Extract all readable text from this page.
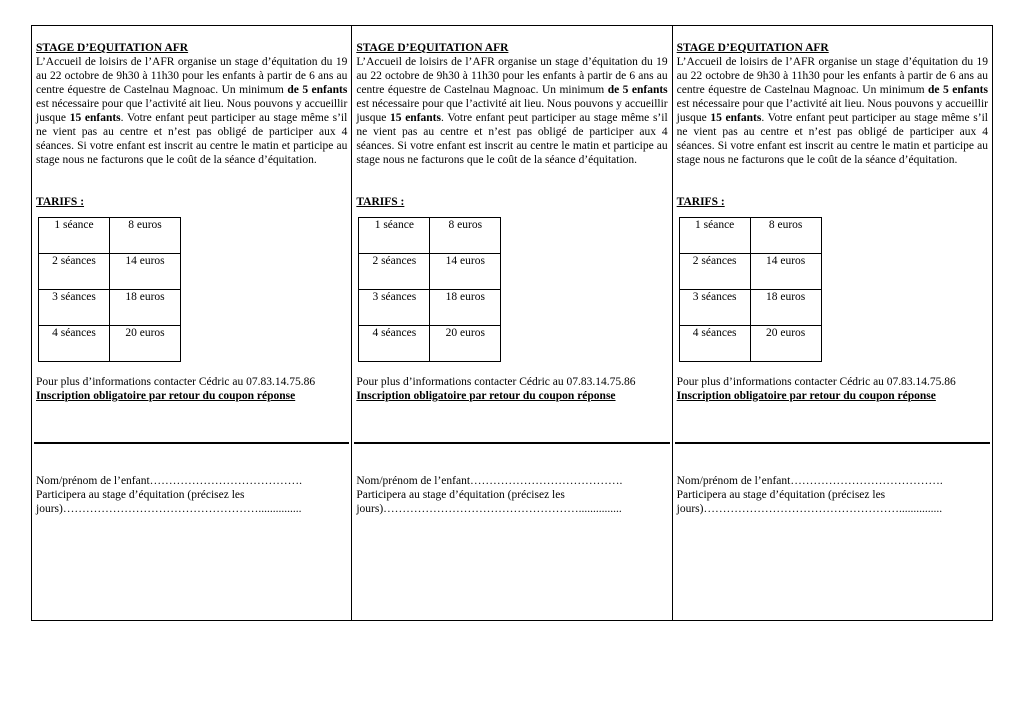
STAGE D’EQUITATION AFR

L’Accueil de loisirs de l’AFR organise un stage d’équitation du 19 au 22 octobre de 9h30 à 11h30 pour les enfants à partir de 6 ans au centre équestre de Castelnau Magnoac. Un minimum de 5 enfants est nécessaire pour que l’activité ait lieu. Nous pouvons y accueillir jusque 15 enfants. Votre enfant peut participer au stage même s’il ne vient pas au centre et n’est pas obligé de participer aux 4 séances. Si votre enfant est inscrit au centre le matin et participe au stage nous ne facturons que le coût de la séance d’équitation.

TARIFS :
1 séance	8 euros
2 séances	14 euros
3 séances	18 euros
4 séances	20 euros
Pour plus d’informations contacter Cédric au 07.83.14.75.86
Inscription obligatoire par retour du coupon réponse
Nom/prénom de l’enfant………………………………….
Participera au stage d’équitation (précisez les
jours)……………………………………………...............

STAGE D’EQUITATION AFR

L’Accueil de loisirs de l’AFR organise un stage d’équitation du 19 au 22 octobre de 9h30 à 11h30 pour les enfants à partir de 6 ans au centre équestre de Castelnau Magnoac. Un minimum de 5 enfants est nécessaire pour que l’activité ait lieu. Nous pouvons y accueillir jusque 15 enfants. Votre enfant peut participer au stage même s’il ne vient pas au centre et n’est pas obligé de participer aux 4 séances. Si votre enfant est inscrit au centre le matin et participe au stage nous ne facturons que le coût de la séance d’équitation.

TARIFS :
1 séance	8 euros
2 séances	14 euros
3 séances	18 euros
4 séances	20 euros
Pour plus d’informations contacter Cédric au 07.83.14.75.86
Inscription obligatoire par retour du coupon réponse
Nom/prénom de l’enfant………………………………….
Participera au stage d’équitation (précisez les
jours)……………………………………………...............

STAGE D’EQUITATION AFR

L’Accueil de loisirs de l’AFR organise un stage d’équitation du 19 au 22 octobre de 9h30 à 11h30 pour les enfants à partir de 6 ans au centre équestre de Castelnau Magnoac. Un minimum de 5 enfants est nécessaire pour que l’activité ait lieu. Nous pouvons y accueillir jusque 15 enfants. Votre enfant peut participer au stage même s’il ne vient pas au centre et n’est pas obligé de participer aux 4 séances. Si votre enfant est inscrit au centre le matin et participe au stage nous ne facturons que le coût de la séance d’équitation.

TARIFS :
1 séance	8 euros
2 séances	14 euros
3 séances	18 euros
4 séances	20 euros
Pour plus d’informations contacter Cédric au 07.83.14.75.86
Inscription obligatoire par retour du coupon réponse
Nom/prénom de l’enfant………………………………….
Participera au stage d’équitation (précisez les
jours)……………………………………………...............
